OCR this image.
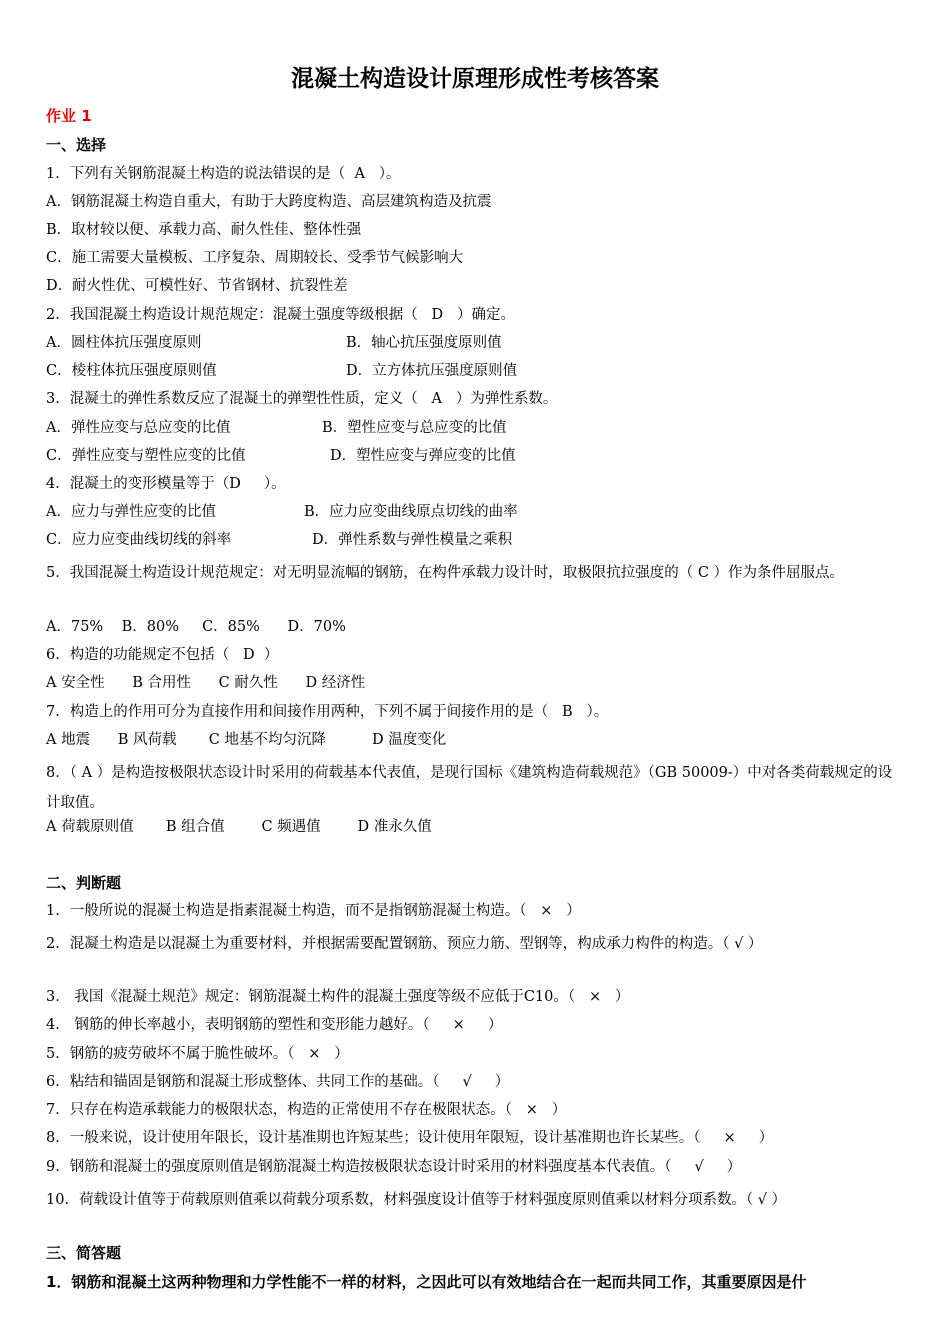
混凝土构造设计原理形成性考核答案
作业 1
一、选择
1．下列有关钢筋混凝土构造的说法错误的是（  A   ）。
A．钢筋混凝土构造自重大，有助于大跨度构造、高层建筑构造及抗震
B．取材较以便、承载力高、耐久性佳、整体性强
C．施工需要大量模板、工序复杂、周期较长、受季节气候影响大
D．耐火性优、可模性好、节省钢材、抗裂性差
2．我国混凝土构造设计规范规定：混凝土强度等级根据（   D   ）确定。
A．圆柱体抗压强度原则	B．轴心抗压强度原则值
C．棱柱体抗压强度原则值	D．立方体抗压强度原则值
3．混凝土的弹性系数反应了混凝土的弹塑性性质，定义（   A   ）为弹性系数。
A．弹性应变与总应变的比值	B．塑性应变与总应变的比值
C．弹性应变与塑性应变的比值	D．塑性应变与弹应变的比值
4．混凝土的变形模量等于（D     ）。
A．应力与弹性应变的比值	B．应力应变曲线原点切线的曲率
C．应力应变曲线切线的斜率	D．弹性系数与弹性模量之乘积
5．我国混凝土构造设计规范规定：对无明显流幅的钢筋，在构件承载力设计时，取极限抗拉强度的（ C ）作为条件屈服点。
A．75%    B．80%     C．85%      D．70%
6．构造的功能规定不包括（   D  ）
A 安全性      B 合用性      C 耐久性      D 经济性
7．构造上的作用可分为直接作用和间接作用两种，下列不属于间接作用的是（   B   ）。
A 地震      B 风荷载       C 地基不均匀沉降          D 温度变化
8．（ A ）是构造按极限状态设计时采用的荷载基本代表值，是现行国标《建筑构造荷载规范》（GB 50009-）中对各类荷载规定的设计取值。
A 荷载原则值       B 组合值        C 频遇值        D 准永久值
二、判断题
1．一般所说的混凝土构造是指素混凝土构造，而不是指钢筋混凝土构造。（   ×   ）
2．混凝土构造是以混凝土为重要材料，并根据需要配置钢筋、预应力筋、型钢等，构成承力构件的构造。（ √ ）
3． 我国《混凝土规范》规定：钢筋混凝土构件的混凝土强度等级不应低于C10。（   ×   ）
4． 钢筋的伸长率越小，表明钢筋的塑性和变形能力越好。（     ×     ）
5．钢筋的疲劳破坏不属于脆性破坏。（   ×   ）
6．粘结和锚固是钢筋和混凝土形成整体、共同工作的基础。（     √     ）
7．只存在构造承载能力的极限状态，构造的正常使用不存在极限状态。（   ×   ）
8．一般来说，设计使用年限长，设计基准期也许短某些；设计使用年限短，设计基准期也许长某些。（     ×     ）
9．钢筋和混凝土的强度原则值是钢筋混凝土构造按极限状态设计时采用的材料强度基本代表值。（     √     ）
10．荷载设计值等于荷载原则值乘以荷载分项系数，材料强度设计值等于材料强度原则值乘以材料分项系数。（ √ ）
三、简答题
1．钢筋和混凝土这两种物理和力学性能不一样的材料，之因此可以有效地结合在一起而共同工作，其重要原因是什
